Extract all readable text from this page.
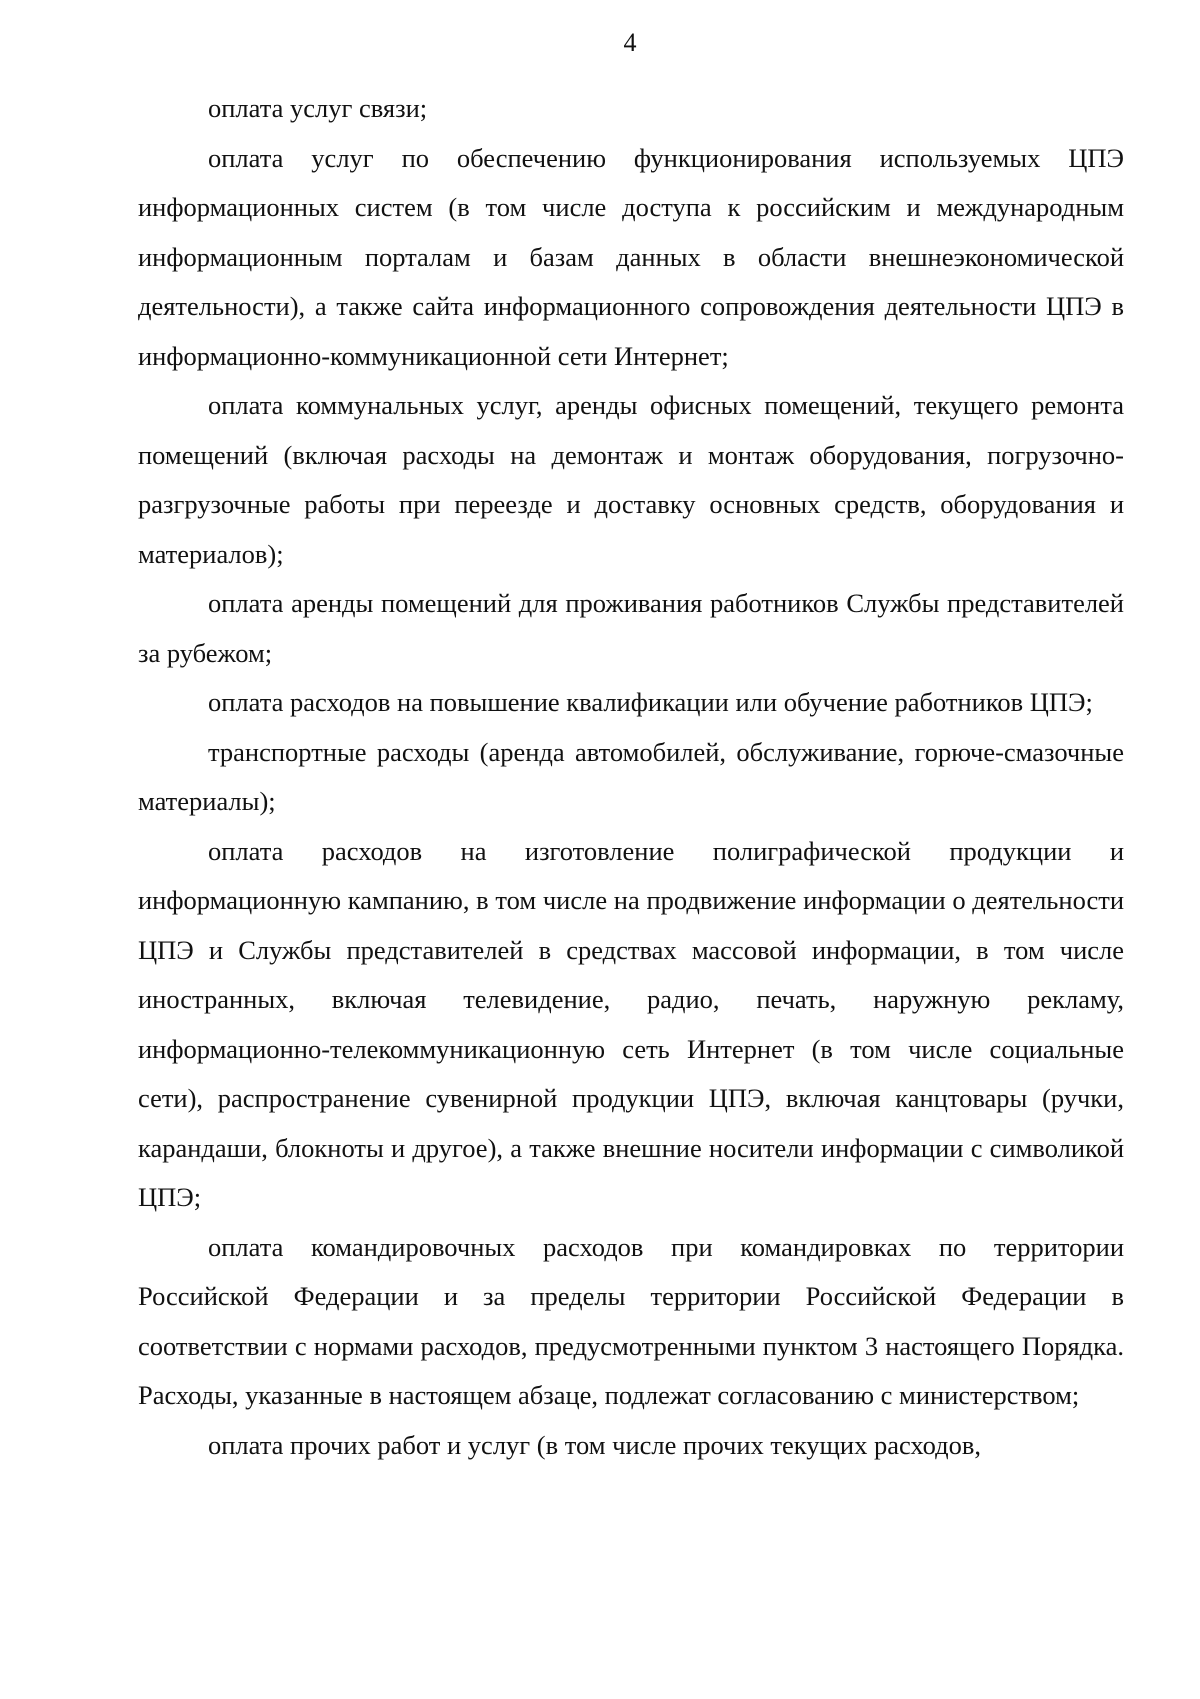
4

оплата услуг связи;

оплата услуг по обеспечению функционирования используемых ЦПЭ информационных систем (в том числе доступа к российским и международным информационным порталам и базам данных в области внешнеэкономической деятельности), а также сайта информационного сопровождения деятельности ЦПЭ в информационно-коммуникационной сети Интернет;

оплата коммунальных услуг, аренды офисных помещений, текущего ремонта помещений (включая расходы на демонтаж и монтаж оборудования, погрузочно-разгрузочные работы при переезде и доставку основных средств, оборудования и материалов);

оплата аренды помещений для проживания работников Службы представителей за рубежом;

оплата расходов на повышение квалификации или обучение работников ЦПЭ;

транспортные расходы (аренда автомобилей, обслуживание, горюче-смазочные материалы);

оплата расходов на изготовление полиграфической продукции и информационную кампанию, в том числе на продвижение информации о деятельности ЦПЭ и Службы представителей в средствах массовой информации, в том числе иностранных, включая телевидение, радио, печать, наружную рекламу, информационно-телекоммуникационную сеть Интернет (в том числе социальные сети), распространение сувенирной продукции ЦПЭ, включая канцтовары (ручки, карандаши, блокноты и другое), а также внешние носители информации с символикой ЦПЭ;

оплата командировочных расходов при командировках по территории Российской Федерации и за пределы территории Российской Федерации в соответствии с нормами расходов, предусмотренными пунктом 3 настоящего Порядка. Расходы, указанные в настоящем абзаце, подлежат согласованию с министерством;

оплата прочих работ и услуг (в том числе прочих текущих расходов,
